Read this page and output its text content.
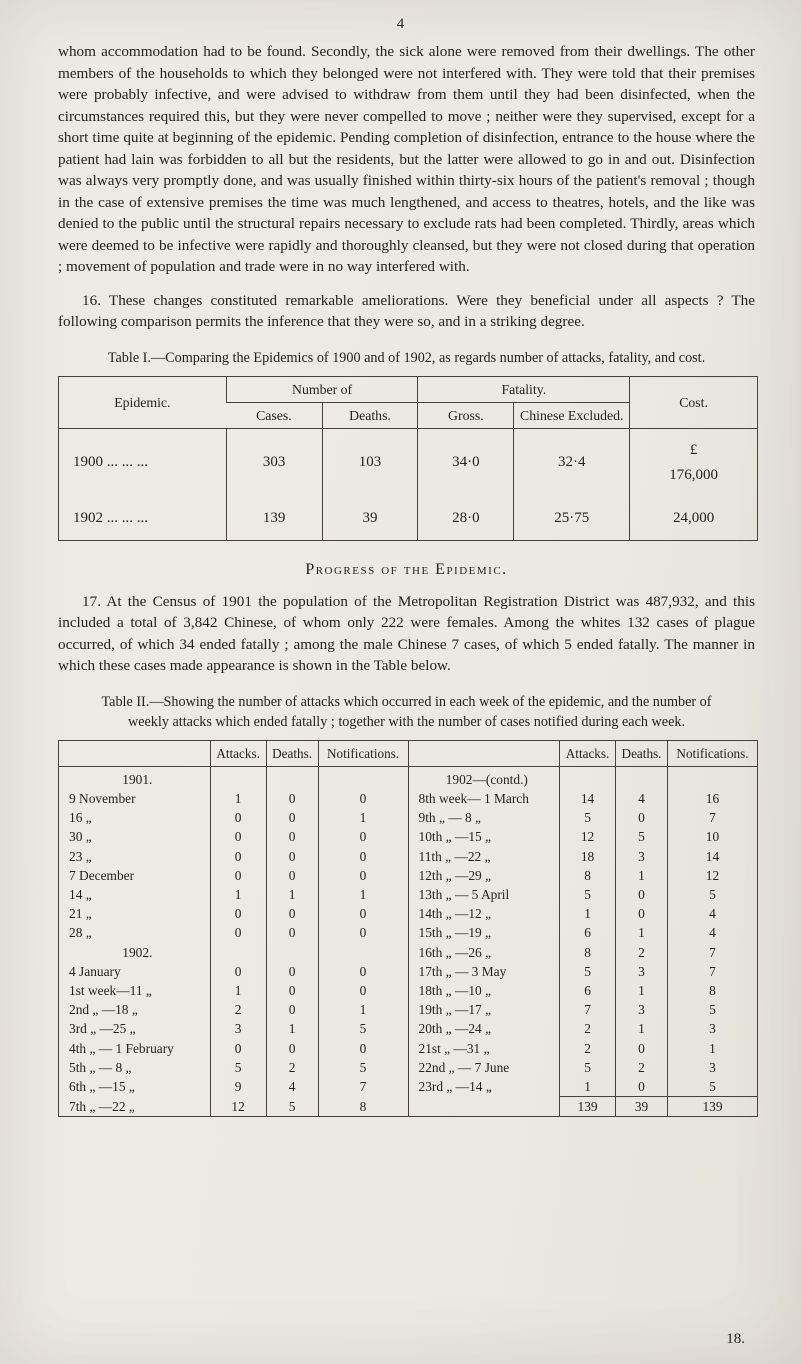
4

whom accommodation had to be found. Secondly, the sick alone were removed from their dwellings. The other members of the households to which they belonged were not interfered with. They were told that their premises were probably infective, and were advised to withdraw from them until they had been disinfected, when the circumstances required this, but they were never compelled to move ; neither were they supervised, except for a short time quite at beginning of the epidemic. Pending completion of disinfection, entrance to the house where the patient had lain was forbidden to all but the residents, but the latter were allowed to go in and out. Disinfection was always very promptly done, and was usually finished within thirty-six hours of the patient's removal ; though in the case of extensive premises the time was much lengthened, and access to theatres, hotels, and the like was denied to the public until the structural repairs necessary to exclude rats had been completed. Thirdly, areas which were deemed to be infective were rapidly and thoroughly cleansed, but they were not closed during that operation ; movement of population and trade were in no way interfered with.

16. These changes constituted remarkable ameliorations. Were they beneficial under all aspects ? The following comparison permits the inference that they were so, and in a striking degree.

Table I.—Comparing the Epidemics of 1900 and of 1902, as regards number of attacks, fatality, and cost.

Epidemic.	Number of		Fatality.		Cost.
	Cases.	Deaths.	Gross.	Chinese Excluded.	
1900 ... ... ...	303	103	34·0	32·4	£
176,000

1902 ... ... ...	139	39	28·0	25·75	24,000
Progress of the Epidemic.

17. At the Census of 1901 the population of the Metropolitan Registration District was 487,932, and this included a total of 3,842 Chinese, of whom only 222 were females. Among the whites 132 cases of plague occurred, of which 34 ended fatally ; among the male Chinese 7 cases, of which 5 ended fatally. The manner in which these cases made appearance is shown in the Table below.

Table II.—Showing the number of attacks which occurred in each week of the epidemic, and the number of weekly attacks which ended fatally ; together with the number of cases notified during each week.

	Attacks.	Deaths.	Notifications.		Attacks.	Deaths.	Notifications.
1901.				1902—(contd.)			
9 November	1	0	0	8th week— 1 March	14	4	16
16 „	0	0	1	9th „ — 8 „	5	0	7
30 „	0	0	0	10th „ —15 „	12	5	10
23 „	0	0	0	11th „ —22 „	18	3	14
7 December	0	0	0	12th „ —29 „	8	1	12
14 „	1	1	1	13th „ — 5 April	5	0	5
21 „	0	0	0	14th „ —12 „	1	0	4
28 „	0	0	0	15th „ —19 „	6	1	4
1902.				16th „ —26 „	8	2	7
4 January	0	0	0	17th „ — 3 May	5	3	7
1st week—11 „	1	0	0	18th „ —10 „	6	1	8
2nd „ —18 „	2	0	1	19th „ —17 „	7	3	5
3rd „ —25 „	3	1	5	20th „ —24 „	2	1	3
4th „ — 1 February	0	0	0	21st „ —31 „	2	0	1
5th „ — 8 „	5	2	5	22nd „ — 7 June	5	2	3
6th „ —15 „	9	4	7	23rd „ —14 „	1	0	5
7th „ —22 „	12	5	8		139	39	139
18.
